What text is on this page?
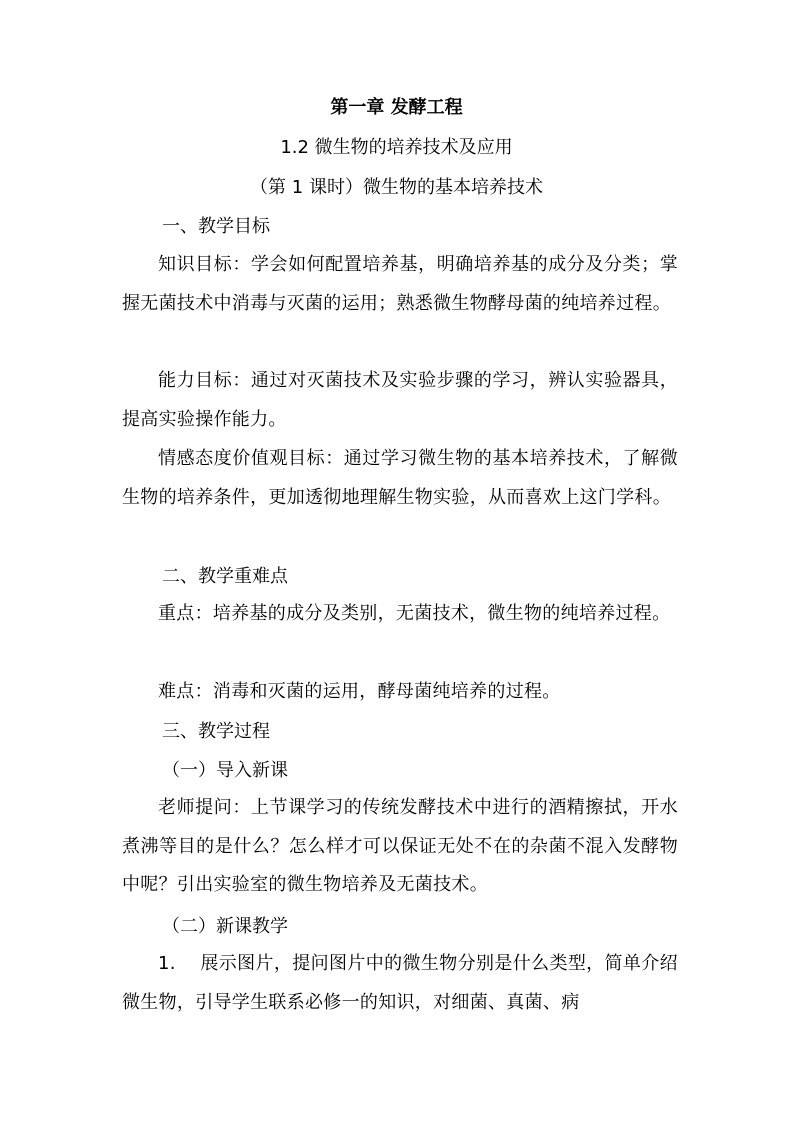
第一章 发酵工程
1.2 微生物的培养技术及应用
（第 1 课时）微生物的基本培养技术
一、教学目标
知识目标：学会如何配置培养基，明确培养基的成分及分类；掌握无菌技术中消毒与灭菌的运用；熟悉微生物酵母菌的纯培养过程。
能力目标：通过对灭菌技术及实验步骤的学习，辨认实验器具，提高实验操作能力。
情感态度价值观目标：通过学习微生物的基本培养技术，了解微生物的培养条件，更加透彻地理解生物实验，从而喜欢上这门学科。
二、教学重难点
重点：培养基的成分及类别，无菌技术，微生物的纯培养过程。
难点：消毒和灭菌的运用，酵母菌纯培养的过程。
三、教学过程
（一）导入新课
老师提问：上节课学习的传统发酵技术中进行的酒精擦拭，开水煮沸等目的是什么？怎么样才可以保证无处不在的杂菌不混入发酵物中呢？引出实验室的微生物培养及无菌技术。
（二）新课教学
1.　 展示图片，提问图片中的微生物分别是什么类型，简单介绍微生物，引导学生联系必修一的知识，对细菌、真菌、病
